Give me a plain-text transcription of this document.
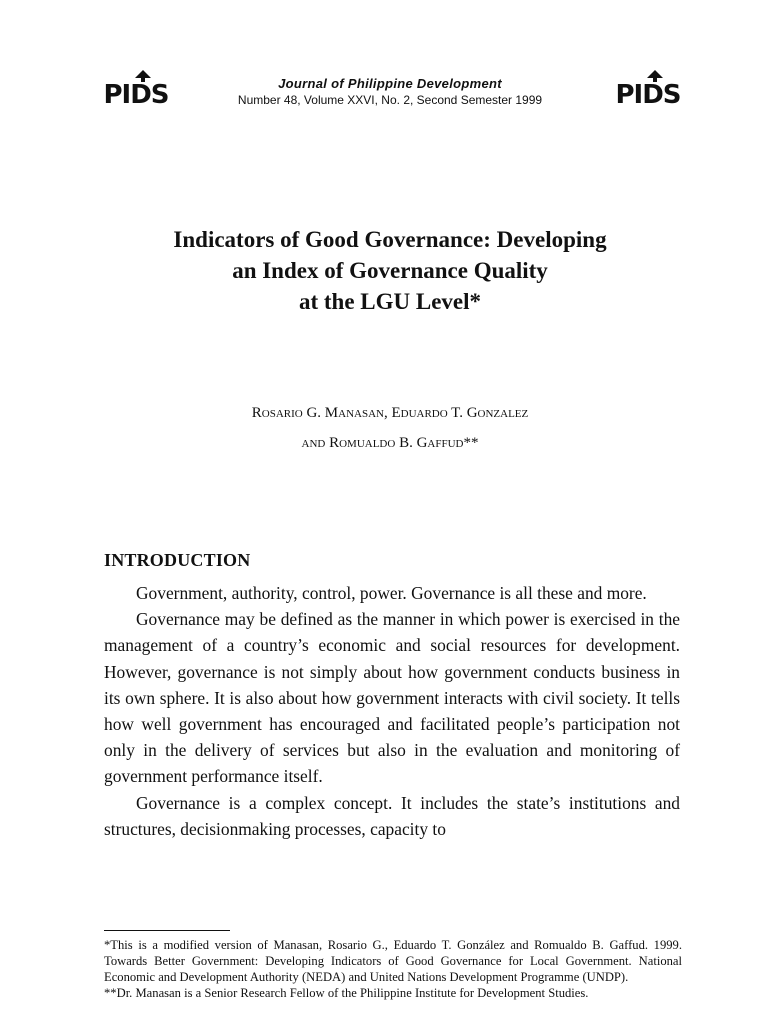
PIDS	Journal of Philippine Development
Number 48, Volume XXVI, No. 2, Second Semester 1999	PIDS
Indicators of Good Governance: Developing
an Index of Governance Quality
at the LGU Level*
Rosario G. Manasan, Eduardo T. Gonzalez
and Romualdo B. Gaffud**
INTRODUCTION

Government, authority, control, power. Governance is all these and more.

Governance may be defined as the manner in which power is exercised in the management of a country’s economic and social resources for development. However, governance is not simply about how government conducts business in its own sphere. It is also about how government interacts with civil society. It tells how well government has encouraged and facilitated people’s participation not only in the delivery of services but also in the evaluation and monitoring of government performance itself.

Governance is a complex concept. It includes the state’s institutions and structures, decisionmaking processes, capacity to

*This is a modified version of Manasan, Rosario G., Eduardo T. González and Romualdo B. Gaffud. 1999. Towards Better Government: Developing Indicators of Good Governance for Local Government. National Economic and Development Authority (NEDA) and United Nations Development Programme (UNDP).

**Dr. Manasan is a Senior Research Fellow of the Philippine Institute for Development Studies.
